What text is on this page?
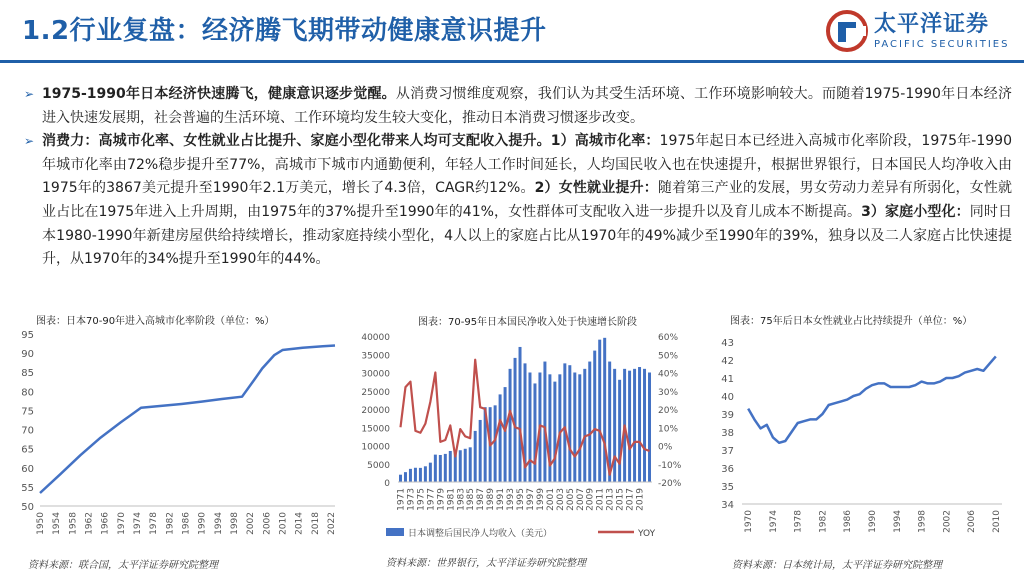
1.2行业复盘：经济腾飞期带动健康意识提升	太平洋证券
PACIFIC SECURITIES

➢ 1975-1990年日本经济快速腾飞，健康意识逐步觉醒。从消费习惯维度观察，我们认为其受生活环境、工作环境影响较大。而随着1975-1990年日本经济进入快速发展期，社会普遍的生活环境、工作环境均发生较大变化，推动日本消费习惯逐步改变。

➢ 消费力：高城市化率、女性就业占比提升、家庭小型化带来人均可支配收入提升。1）高城市化率：1975年起日本已经进入高城市化率阶段，1975年-1990年城市化率由72%稳步提升至77%，高城市下城市内通勤便利，年轻人工作时间延长，人均国民收入也在快速提升，根据世界银行，日本国民人均净收入由1975年的3867美元提升至1990年2.1万美元，增长了4.3倍，CAGR约12%。2）女性就业提升：随着第三产业的发展，男女劳动力差异有所弱化，女性就业占比在1975年进入上升周期，由1975年的37%提升至1990年的41%，女性群体可支配收入进一步提升以及育儿成本不断提高。3）家庭小型化：同时日本1980-1990年新建房屋供给持续增长，推动家庭持续小型化，4人以上的家庭占比从1970年的49%减少至1990年的39%，独身以及二人家庭占比快速提升，从1970年的34%提升至1990年的44%。

图表：日本70-90年进入高城市化率阶段（单位：%）	图表：70-95年日本国民净收入处于快速增长阶段	图表：75年后日本女性就业占比持续提升（单位：%）
50
55
60
65
70
75
80
85
90
95
1950 1954 1958 1962 1966 1970 1974 1978 1982 1986 1990 1994 1998 2002 2006 2010 2014 2018 2022
0
5000
10000
15000
20000
25000
30000
35000
40000	60%
50%
40%
30%
20%
10%
0%
-10%
-20%
1971 1973 1975 1977 1979 1981 1983 1985 1987 1989 1991 1993 1995 1997 1999 2001 2003 2005 2007 2009 2011 2013 2015 2017 2019
日本调整后国民净人均收入（美元）	YOY
34
35
36
37
38
39
40
41
42
43
1970 1974 1978 1982 1986 1990 1994 1998 2002 2006 2010
资料来源：联合国，太平洋证券研究院整理	资料来源：世界银行，太平洋证券研究院整理	资料来源：日本统计局，太平洋证券研究院整理
